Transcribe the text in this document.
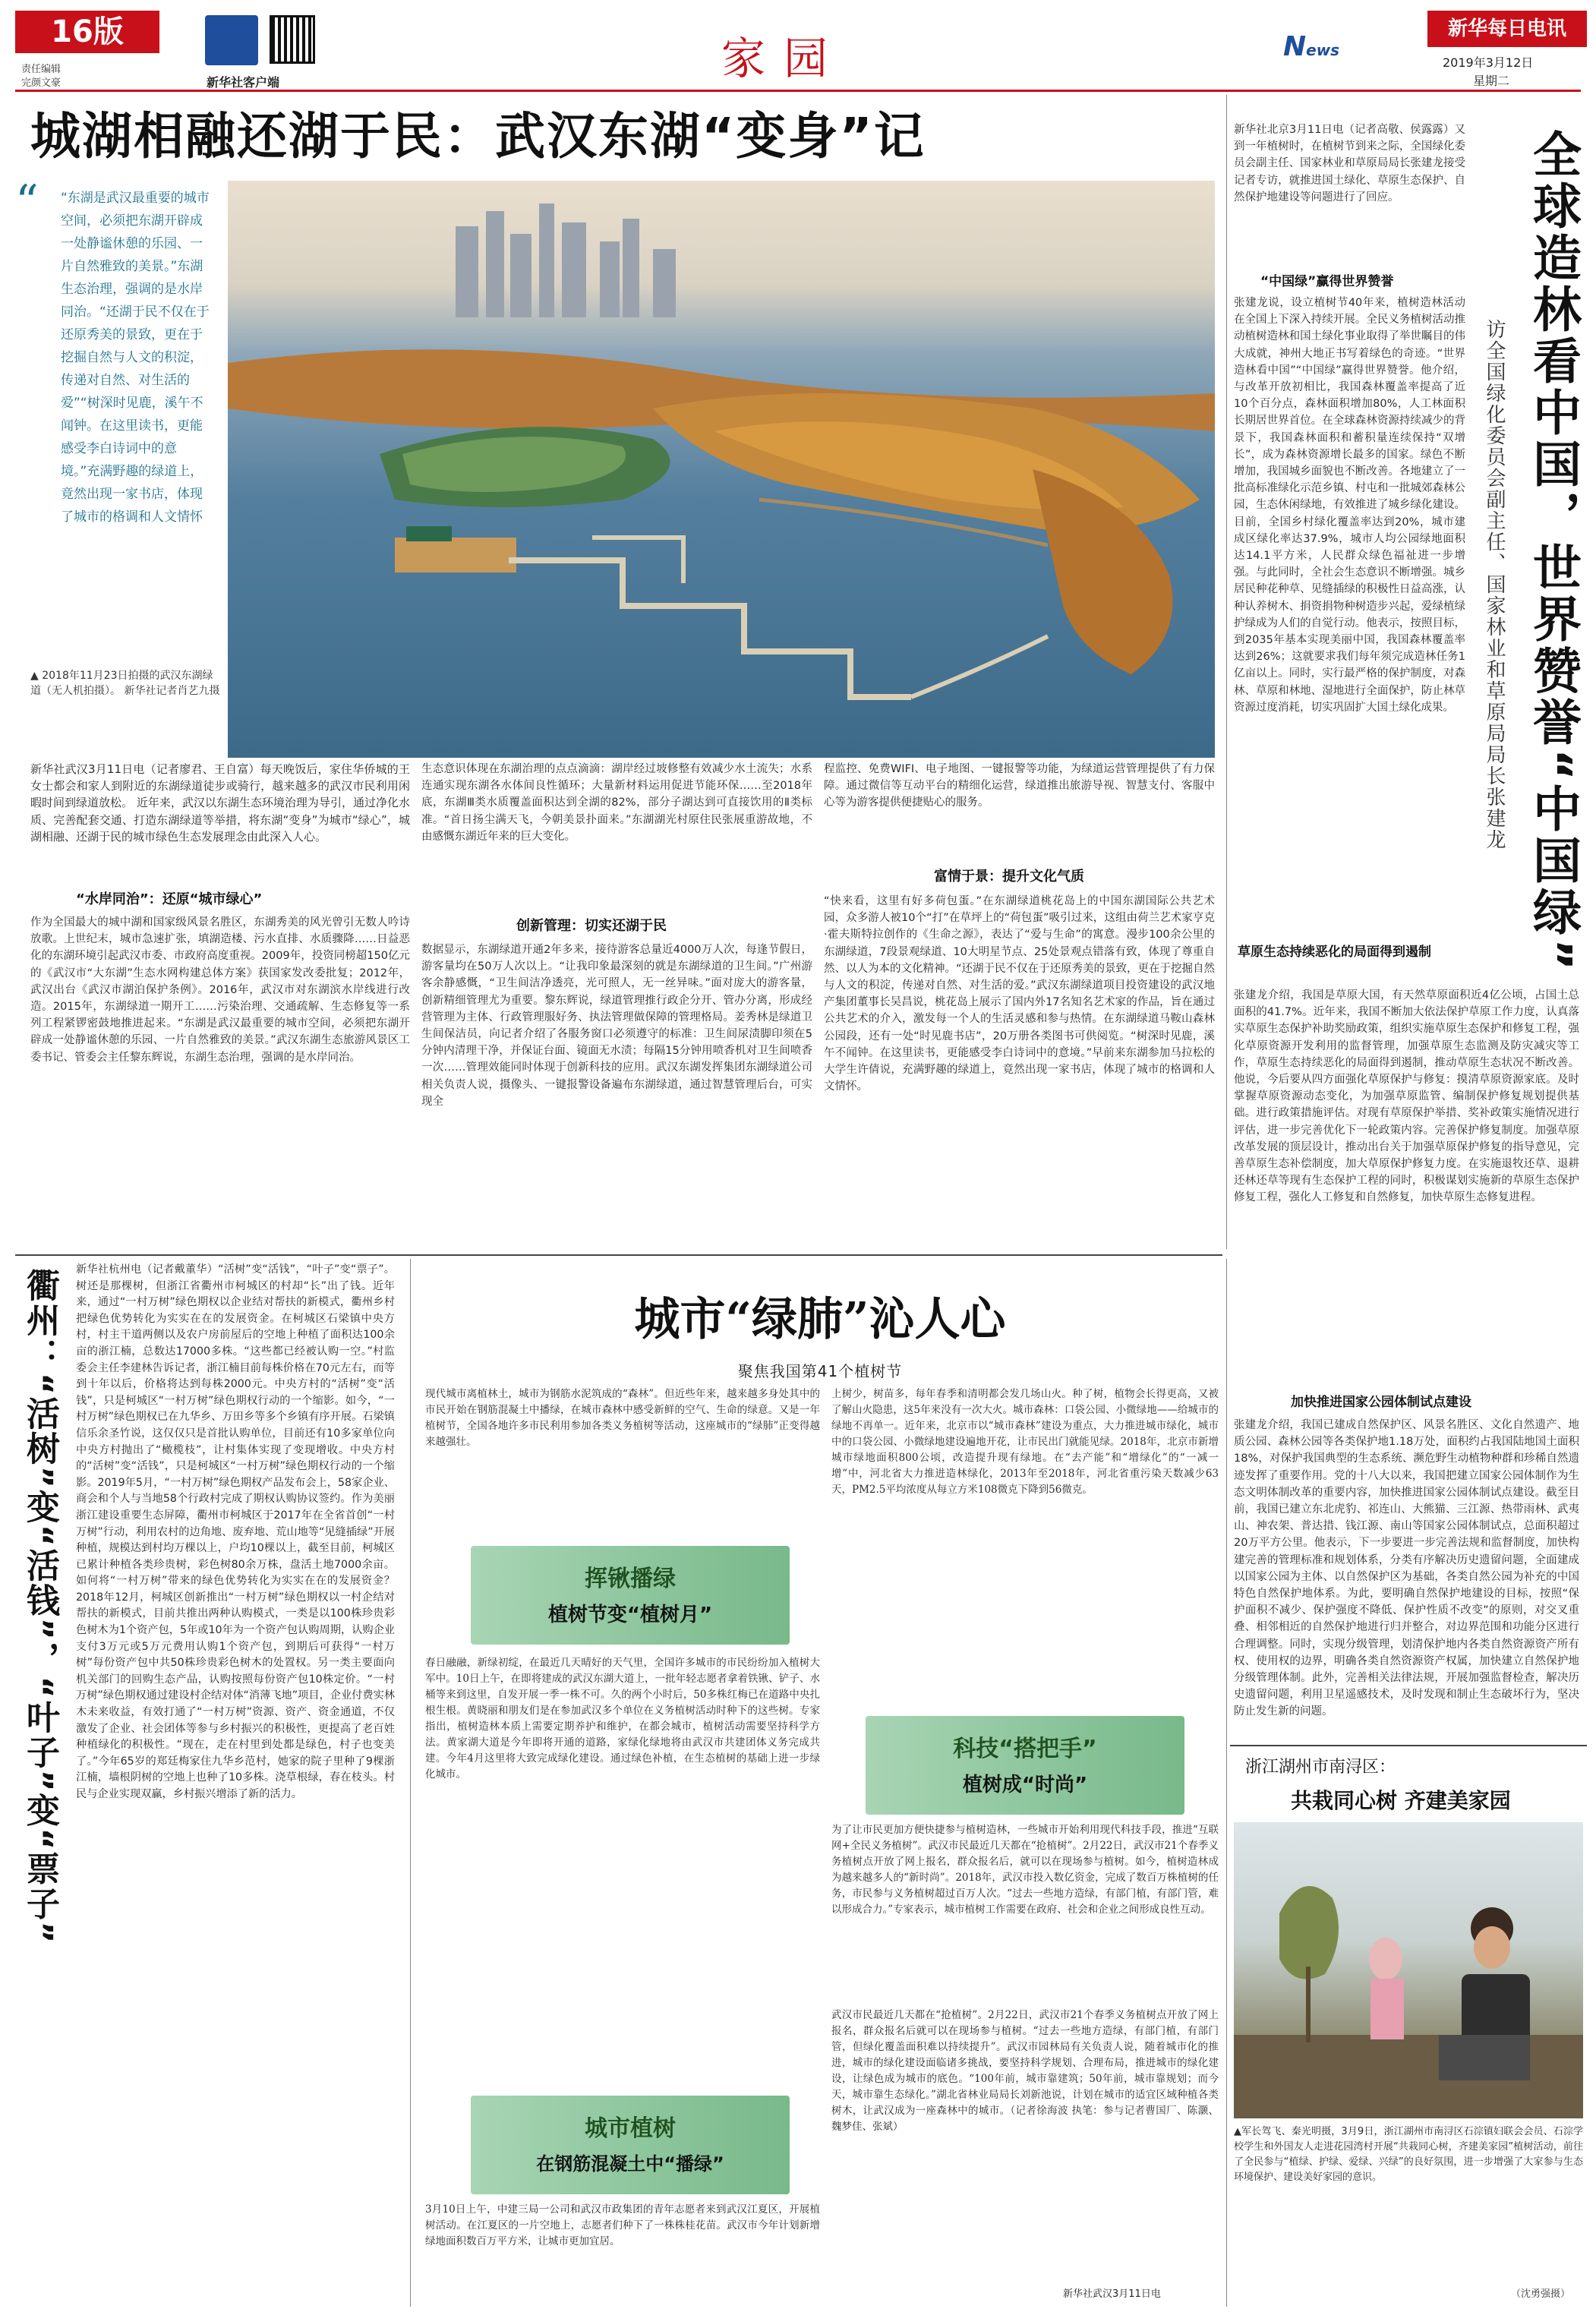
16版
责任编辑
完颜文豪	新华社客户端	家园	News
新华每日电讯
2019年3月12日
星期二
城湖相融还湖于民：武汉东湖“变身”记
“ “东湖是武汉最重要的城市空间，必须把东湖开辟成一处静谧休憩的乐园、一片自然雅致的美景。”东湖生态治理，强调的是水岸同治。“还湖于民不仅在于还原秀美的景致，更在于挖掘自然与人文的积淀，传递对自然、对生活的爱”“树深时见鹿，溪午不闻钟。在这里读书，更能感受李白诗词中的意境。”充满野趣的绿道上，竟然出现一家书店，体现了城市的格调和人文情怀
▲ 2018年11月23日拍摄的武汉东湖绿道（无人机拍摄）。 新华社记者肖艺九摄
新华社武汉3月11日电（记者廖君、王自富）每天晚饭后，家住华侨城的王女士都会和家人到附近的东湖绿道徒步或骑行，越来越多的武汉市民利用闲暇时间到绿道放松。 近年来，武汉以东湖生态环境治理为导引，通过净化水质、完善配套交通、打造东湖绿道等举措，将东湖“变身”为城市“绿心”，城湖相融、还湖于民的城市绿色生态发展理念由此深入人心。
“水岸同治”：还原“城市绿心”
作为全国最大的城中湖和国家级风景名胜区，东湖秀美的风光曾引无数人吟诗放歌。上世纪末，城市急速扩张，填湖造楼、污水直排、水质骤降……日益恶化的东湖环境引起武汉市委、市政府高度重视。2009年，投资同榜超150亿元的《武汉市“大东湖”生态水网构建总体方案》获国家发改委批复；2012年，武汉出台《武汉市湖泊保护条例》。2016年，武汉市对东湖滨水岸线进行改造。2015年，东湖绿道一期开工……污染治理、交通疏解、生态修复等一系列工程紧锣密鼓地推进起来。“东湖是武汉最重要的城市空间，必须把东湖开辟成一处静谧休憩的乐园、一片自然雅致的美景。”武汉东湖生态旅游风景区工委书记、管委会主任黎东辉说，东湖生态治理，强调的是水岸同治。
生态意识体现在东湖治理的点点滴滴：湖岸经过坡修整有效减少水土流失；水系连通实现东湖各水体间良性循环；大量新材料运用促进节能环保……至2018年底，东湖Ⅲ类水质覆盖面积达到全湖的82%，部分子湖达到可直接饮用的Ⅱ类标准。“首日扬尘满天飞，今朝美景扑面来。”东湖湖光村原住民张展重游故地，不由感慨东湖近年来的巨大变化。
创新管理：切实还湖于民
数据显示，东湖绿道开通2年多来，接待游客总量近4000万人次，每逢节假日，游客量均在50万人次以上。“让我印象最深刻的就是东湖绿道的卫生间。”广州游客余静感慨，“卫生间洁净透亮，光可照人，无一丝异味。”面对庞大的游客量，创新精细管理尤为重要。黎东辉说，绿道管理推行政企分开、管办分离，形成经营管理为主体、行政管理服好务、执法管理做保障的管理格局。姜秀林是绿道卫生间保洁员，向记者介绍了各服务窗口必须遵守的标准：卫生间尿渍脚印须在5分钟内清理干净，并保证台面、镜面无水渍；每隔15分钟用喷香机对卫生间喷香一次……管理效能同时体现于创新科技的应用。武汉东湖发挥集团东湖绿道公司相关负责人说，摄像头、一键报警设备遍布东湖绿道，通过智慧管理后台，可实现全
程监控、免费WIFI、电子地图、一键报警等功能，为绿道运营管理提供了有力保障。通过微信等互动平台的精细化运营，绿道推出旅游导视、智慧支付、客服中心等为游客提供便捷贴心的服务。
富情于景：提升文化气质
“快来看，这里有好多荷包蛋。”在东湖绿道桃花岛上的中国东湖国际公共艺术园，众多游人被10个“打”在草坪上的“荷包蛋”吸引过来，这组由荷兰艺术家亨克·霍夫斯特拉创作的《生命之源》，表达了“爱与生命”的寓意。漫步100余公里的东湖绿道，7段景观绿道、10大明星节点、25处景观点错落有致，体现了尊重自然、以人为本的文化精神。“还湖于民不仅在于还原秀美的景致，更在于挖掘自然与人文的积淀，传递对自然、对生活的爱。”武汉东湖绿道项目投资建设的武汉地产集团董事长吴昌说，桃花岛上展示了国内外17名知名艺术家的作品，旨在通过公共艺术的介入，激发每一个人的生活灵感和参与热情。在东湖绿道马鞍山森林公园段，还有一处“时见鹿书店”，20万册各类图书可供阅览。“树深时见鹿，溪午不闻钟。在这里读书，更能感受李白诗词中的意境。”早前来东湖参加马拉松的大学生许倩说，充满野趣的绿道上，竟然出现一家书店，体现了城市的格调和人文情怀。
新华社北京3月11日电（记者高敬、侯露露）又到一年植树时，在植树节到来之际，全国绿化委员会副主任、国家林业和草原局局长张建龙接受记者专访，就推进国土绿化、草原生态保护、自然保护地建设等问题进行了回应。
“中国绿”赢得世界赞誉
张建龙说，设立植树节40年来，植树造林活动在全国上下深入持续开展。全民义务植树活动推动植树造林和国土绿化事业取得了举世瞩目的伟大成就，神州大地正书写着绿色的奇迹。“世界造林看中国”“中国绿”赢得世界赞誉。他介绍，与改革开放初相比，我国森林覆盖率提高了近10个百分点，森林面积增加80%，人工林面积长期居世界首位。在全球森林资源持续减少的背景下，我国森林面积和蓄积量连续保持“双增长”，成为森林资源增长最多的国家。绿色不断增加，我国城乡面貌也不断改善。各地建立了一批高标准绿化示范乡镇、村屯和一批城郊森林公园，生态休闲绿地，有效推进了城乡绿化建设。目前，全国乡村绿化覆盖率达到20%，城市建成区绿化率达37.9%，城市人均公园绿地面积达14.1平方米，人民群众绿色福祉进一步增强。与此同时，全社会生态意识不断增强。城乡居民种花种草、见缝插绿的积极性日益高涨，认种认养树木、捐资捐物种树造步兴起，爱绿植绿护绿成为人们的自觉行动。他表示，按照目标，到2035年基本实现美丽中国，我国森林覆盖率达到26%；这就要求我们每年须完成造林任务1亿亩以上。同时，实行最严格的保护制度，对森林、草原和林地、湿地进行全面保护，防止林草资源过度消耗，切实巩固扩大国土绿化成果。 全球造林看中国，世界赞誉“中国绿”
访全国绿化委员会副主任、国家林业和草原局局长张建龙
草原生态持续恶化的局面得到遏制
张建龙介绍，我国是草原大国，有天然草原面积近4亿公顷，占国土总面积的41.7%。近年来，我国不断加大依法保护草原工作力度，认真落实草原生态保护补助奖励政策，组织实施草原生态保护和修复工程，强化草原资源开发利用的监督管理，加强草原生态监测及防灾减灾等工作，草原生态持续恶化的局面得到遏制，推动草原生态状况不断改善。他说，今后要从四方面强化草原保护与修复：摸清草原资源家底。及时掌握草原资源动态变化，为加强草原监管、编制保护修复规划提供基础。进行政策措施评估。对现有草原保护举措、奖补政策实施情况进行评估，进一步完善优化下一轮政策内容。完善保护修复制度。加强草原改革发展的顶层设计，推动出台关于加强草原保护修复的指导意见，完善草原生态补偿制度，加大草原保护修复力度。在实施退牧还草、退耕还林还草等现有生态保护工程的同时，积极谋划实施新的草原生态保护修复工程，强化人工修复和自然修复，加快草原生态修复进程。
加快推进国家公园体制试点建设
张建龙介绍，我国已建成自然保护区、风景名胜区、文化自然遗产、地质公园、森林公园等各类保护地1.18万处，面积约占我国陆地国土面积18%，对保护我国典型的生态系统、濒危野生动植物种群和珍稀自然遗迹发挥了重要作用。党的十八大以来，我国把建立国家公园体制作为生态文明体制改革的重要内容，加快推进国家公园体制试点建设。截至目前，我国已建立东北虎豹、祁连山、大熊猫、三江源、热带雨林、武夷山、神农架、普达措、钱江源、南山等国家公园体制试点，总面积超过20万平方公里。他表示，下一步要进一步完善法规和监督制度，加快构建完善的管理标准和规划体系，分类有序解决历史遗留问题，全面建成以国家公园为主体、以自然保护区为基础，各类自然公园为补充的中国特色自然保护地体系。为此，要明确自然保护地建设的目标，按照“保护面积不减少、保护强度不降低、保护性质不改变”的原则，对交叉重叠、相邻相近的自然保护地进行归并整合，对边界范围和功能分区进行合理调整。同时，实现分级管理，划清保护地内各类自然资源资产所有权、使用权的边界，明确各类自然资源资产权属，加快建立自然保护地分级管理体制。此外，完善相关法律法规，开展加强监督检查，解决历史遗留问题，利用卫星遥感技术，及时发现和制止生态破坏行为，坚决防止发生新的问题。
浙江湖州市南浔区：
共栽同心树 齐建美家园
▲军长驾飞、秦光明摄，3月9日，浙江湖州市南浔区石淙镇妇联会会员、石淙学校学生和外国友人走进花园湾村开展“共栽同心树，齐建美家园”植树活动，前往了全民参与“植绿、护绿、爱绿、兴绿”的良好氛围，进一步增强了大家参与生态环境保护、建设美好家园的意识。
（沈勇强摄）
衢州：“活树”变“活钱”，“叶子”变“票子” 新华社杭州电（记者戴董华）“活树”变“活钱”，“叶子”变“票子”。树还是那棵树，但浙江省衢州市柯城区的村却“长”出了钱。近年来，通过“一村万树”绿色期权以企业结对帮扶的新模式，衢州乡村把绿色优势转化为实实在在的发展资金。在柯城区石梁镇中央方村，村主干道两侧以及农户房前屋后的空地上种植了面积达100余亩的浙江楠，总数达17000多株。“这些都已经被认购一空。”村监委会主任李建林告诉记者，浙江楠目前每株价格在70元左右，而等到十年以后，价格将达到每株2000元。中央方村的“活树”变“活钱”，只是柯城区“一村万树”绿色期权行动的一个缩影。如今，“一村万树”绿色期权已在九华乡、万田乡等多个乡镇有序开展。石梁镇信乐余圣竹说，这仅仅只是首批认购单位，目前还有10多家单位向中央方村抛出了“橄榄枝”，让村集体实现了变现增收。中央方村的“活树”变“活钱”，只是柯城区“一村万树”绿色期权行动的一个缩影。2019年5月，“一村万树”绿色期权产品发布会上，58家企业、商会和个人与当地58个行政村完成了期权认购协议签约。作为美丽浙江建设重要生态屏障，衢州市柯城区于2017年在全省首创“一村万树”行动，利用农村的边角地、废弃地、荒山地等“见缝插绿”开展种植，规模达到村均万棵以上，户均10棵以上，截至目前，柯城区已累计种植各类珍贵树，彩色树80余万株，盘活土地7000余亩。如何将“一村万树”带来的绿色优势转化为实实在在的发展资金？2018年12月，柯城区创新推出“一村万树”绿色期权以一村企结对帮扶的新模式，目前共推出两种认购模式，一类是以100株珍贵彩色树木为1个资产包，5年或10年为一个资产包认购周期，认购企业支付3万元或5万元费用认购1个资产包，到期后可获得“一村万树”每份资产包中共50株珍贵彩色树木的处置权。另一类主要面向机关部门的回购生态产品，认购按照每份资产包10株定价。“一村万树”绿色期权通过建设村企结对体“消薄飞地”项目，企业付费实林木未来收益，有效打通了“一村万树”资源、资产、资金通道，不仅激发了企业、社会团体等参与乡村振兴的积极性，更提高了老百姓种植绿化的积极性。“现在，走在村里到处都是绿色，村子也变美了。”今年65岁的郑廷梅家住九华乡范村，她家的院子里种了9棵浙江楠，墙根阴树的空地上也种了10多株。浇草根绿，春在枝头。村民与企业实现双赢，乡村振兴增添了新的活力。
城市“绿肺”沁人心
聚焦我国第41个植树节
现代城市离植林土，城市为钢筋水泥筑成的“森林”。但近些年来，越来越多身处其中的市民开始在钢筋混凝土中播绿，在城市森林中感受新鲜的空气、生命的绿意。又是一年植树节，全国各地许多市民利用参加各类义务植树等活动，这座城市的“绿肺”正变得越来越强壮。
挥锹播绿
植树节变“植树月”
春日融融，新绿初绽，在最近几天晴好的天气里，全国许多城市的市民纷纷加入植树大军中。10日上午，在即将建成的武汉东湖大道上，一批年轻志愿者拿着铁锹、铲子、水桶等来到这里，自发开展一季一株不可。久的两个小时后，50多株红梅已在道路中央扎根生根。黄晓丽和朋友们是在参加武汉多个单位在义务植树活动时种下的这些树。专家指出，植树造林本质上需要定期养护和维护，在都会城市，植树活动需要坚持科学方法。黄家湖大道是今年即将开通的道路，家绿化绿地将由武汉市共建团体义务完成共建。今年4月这里将大致完成绿化建设。通过绿色补植，在生态植树的基础上进一步绿化城市。
城市植树
在钢筋混凝土中“播绿”
3月10日上午，中建三局一公司和武汉市政集团的青年志愿者来到武汉江夏区，开展植树活动。在江夏区的一片空地上，志愿者们种下了一株株桂花苗。武汉市今年计划新增绿地面积数百万平方米，让城市更加宜居。
上树少，树苗多，每年春季和清明都会发几场山火。种了树，植物会长得更高，又被了解山火隐患，这5年来没有一次大火。城市森林：口袋公园、小微绿地——给城市的绿地不再单一。近年来，北京市以“城市森林”建设为重点，大力推进城市绿化，城市中的口袋公园、小微绿地建设遍地开花，让市民出门就能见绿。2018年，北京市新增城市绿地面积800公顷，改造提升现有绿地。在“去产能”和“增绿化”的“一减一增”中，河北省大力推进造林绿化，2013年至2018年，河北省重污染天数减少63天，PM2.5平均浓度从每立方米108微克下降到56微克。
科技“搭把手”
植树成“时尚”
为了让市民更加方便快捷参与植树造林，一些城市开始利用现代科技手段，推进“互联网+全民义务植树”。武汉市民最近几天都在“抢植树”。2月22日，武汉市21个春季义务植树点开放了网上报名，群众报名后，就可以在现场参与植树。如今，植树造林成为越来越多人的“新时尚”。2018年，武汉市投入数亿资金，完成了数百万株植树的任务，市民参与义务植树超过百万人次。“过去一些地方造绿，有部门植，有部门管，难以形成合力。”专家表示，城市植树工作需要在政府、社会和企业之间形成良性互动。
武汉市民最近几天都在“抢植树”。2月22日，武汉市21个春季义务植树点开放了网上报名，群众报名后就可以在现场参与植树。“过去一些地方造绿，有部门植，有部门管，但绿化覆盖面积难以持续提升”。武汉市园林局有关负责人说，随着城市化的推进，城市的绿化建设面临诸多挑战，要坚持科学规划、合理布局，推进城市的绿化建设，让绿色成为城市的底色。“100年前，城市靠建筑；50年前，城市靠规划；而今天，城市靠生态绿化。”湖北省林业局局长刘新池说，计划在城市的适宜区域种植各类树木，让武汉成为一座森林中的城市。（记者徐海波 执笔：参与记者曹国厂、陈灏、魏梦佳、张斌）
新华社武汉3月11日电
